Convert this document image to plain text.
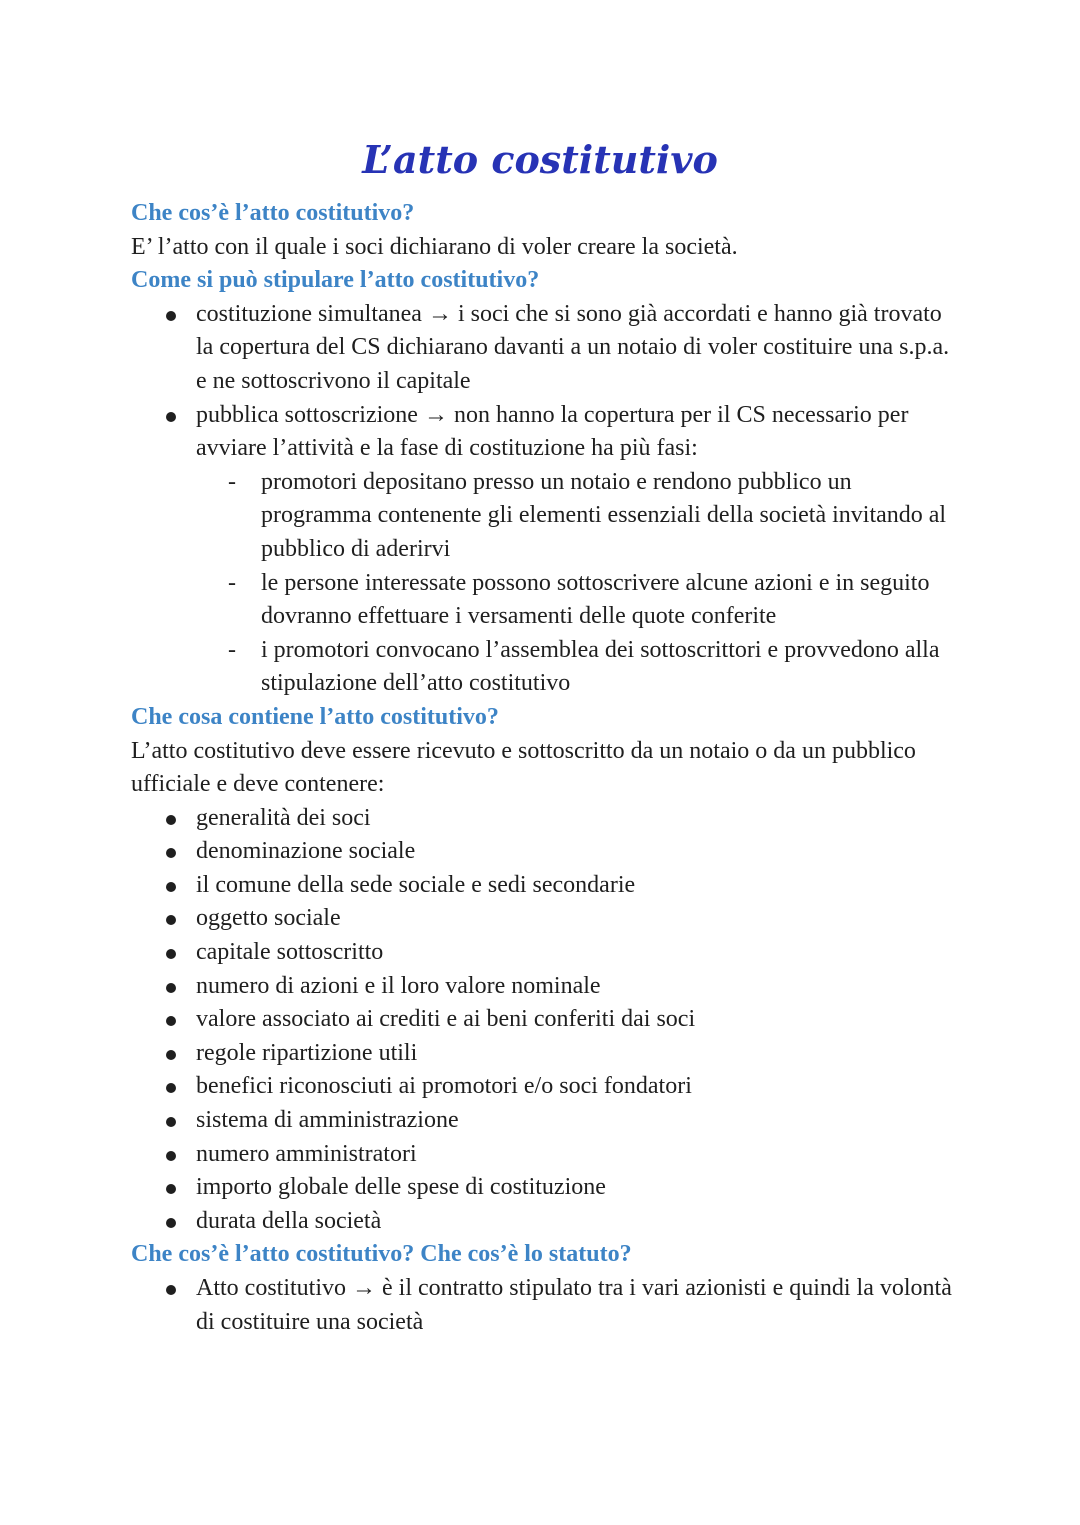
L’atto costitutivo
Che cos’è l’atto costitutivo?
E’ l’atto con il quale i soci dichiarano di voler creare la società.
Come si può stipulare l’atto costitutivo?
costituzione simultanea → i soci che si sono già accordati e hanno già trovato la copertura del CS dichiarano davanti a un notaio di voler costituire una s.p.a. e ne sottoscrivono il capitale
pubblica sottoscrizione → non hanno la copertura per il CS necessario per avviare l’attività e la fase di costituzione ha più fasi:
- promotori depositano presso un notaio e rendono pubblico un programma contenente gli elementi essenziali della società invitando al pubblico di aderirvi
- le persone interessate possono sottoscrivere alcune azioni e in seguito dovranno effettuare i versamenti delle quote conferite
- i promotori convocano l’assemblea dei sottoscrittori e provvedono alla stipulazione dell’atto costitutivo
Che cosa contiene l’atto costitutivo?
L’atto costitutivo deve essere ricevuto e sottoscritto da un notaio o da un pubblico ufficiale e deve contenere:
generalità dei soci
denominazione sociale
il comune della sede sociale e sedi secondarie
oggetto sociale
capitale sottoscritto
numero di azioni e il loro valore nominale
valore associato ai crediti e ai beni conferiti dai soci
regole ripartizione utili
benefici riconosciuti ai promotori e/o soci fondatori
sistema di amministrazione
numero amministratori
importo globale delle spese di costituzione
durata della società
Che cos’è l’atto costitutivo? Che cos’è lo statuto?
Atto costitutivo → è il contratto stipulato tra i vari azionisti e quindi la volontà di costituire una società
